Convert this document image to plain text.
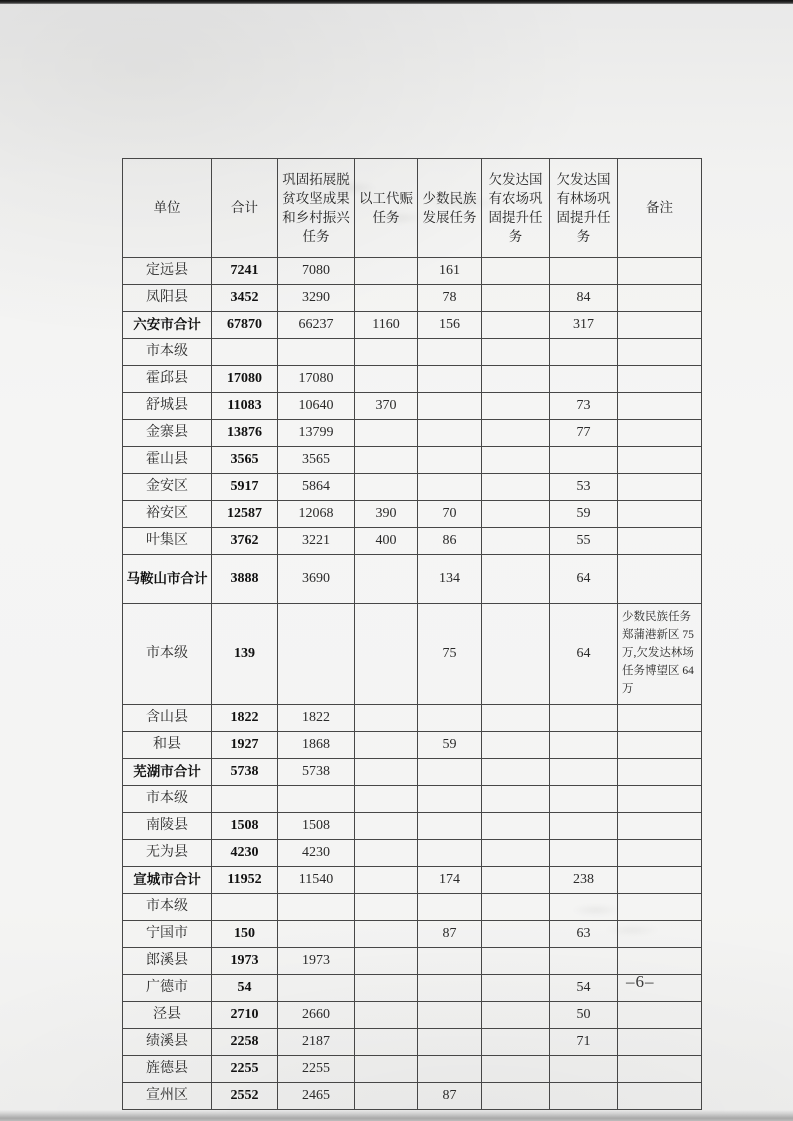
单位	合计	巩固拓展脱贫攻坚成果和乡村振兴任务	以工代赈任务	少数民族发展任务	欠发达国有农场巩固提升任务	欠发达国有林场巩固提升任务	备注
定远县	7241	7080		161			
凤阳县	3452	3290		78		84	
六安市合计	67870	66237	1160	156		317	
市本级							
霍邱县	17080	17080					
舒城县	11083	10640	370			73	
金寨县	13876	13799				77	
霍山县	3565	3565					
金安区	5917	5864				53	
裕安区	12587	12068	390	70		59	
叶集区	3762	3221	400	86		55	
马鞍山市合计	3888	3690		134		64	
市本级	139			75		64	少数民族任务郑蒲港新区 75 万,欠发达林场任务博望区 64 万
含山县	1822	1822					
和县	1927	1868		59			
芜湖市合计	5738	5738					
市本级							
南陵县	1508	1508					
无为县	4230	4230					
宣城市合计	11952	11540		174		238	
市本级							
宁国市	150			87		63	
郎溪县	1973	1973					
广德市	54					54	
泾县	2710	2660				50	
绩溪县	2258	2187				71	
旌德县	2255	2255					
宣州区	2552	2465		87			
–6–
